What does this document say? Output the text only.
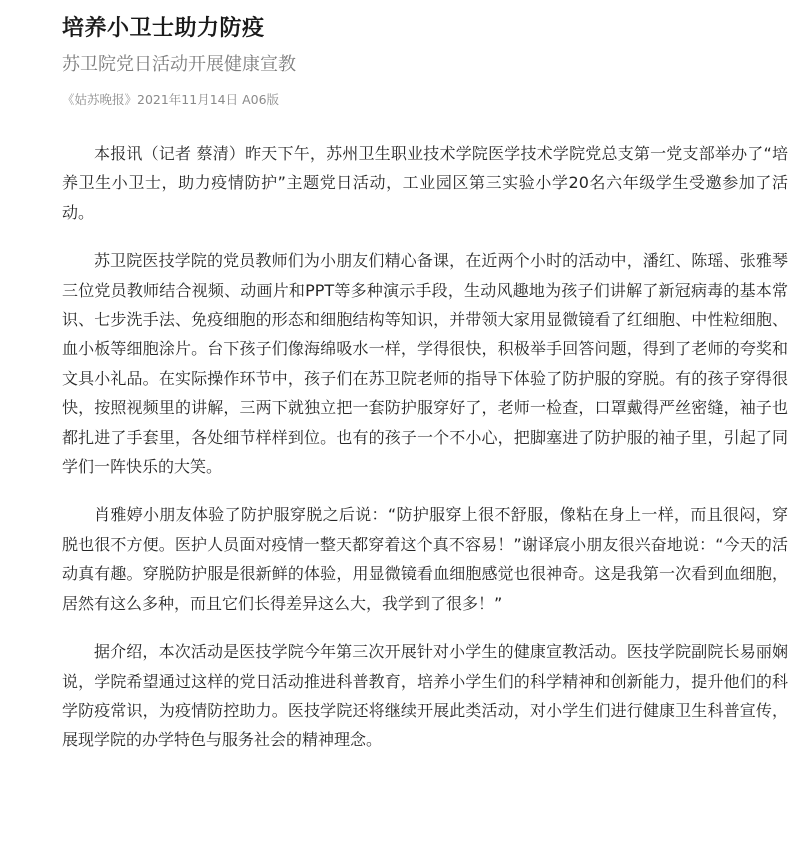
培养小卫士助力防疫
苏卫院党日活动开展健康宣教
《姑苏晚报》2021年11月14日 A06版

本报讯（记者 蔡清）昨天下午，苏州卫生职业技术学院医学技术学院党总支第一党支部举办了“培养卫生小卫士，助力疫情防护”主题党日活动，工业园区第三实验小学20名六年级学生受邀参加了活动。

苏卫院医技学院的党员教师们为小朋友们精心备课，在近两个小时的活动中，潘红、陈瑶、张雅琴三位党员教师结合视频、动画片和PPT等多种演示手段，生动风趣地为孩子们讲解了新冠病毒的基本常识、七步洗手法、免疫细胞的形态和细胞结构等知识，并带领大家用显微镜看了红细胞、中性粒细胞、血小板等细胞涂片。台下孩子们像海绵吸水一样，学得很快，积极举手回答问题，得到了老师的夸奖和文具小礼品。在实际操作环节中，孩子们在苏卫院老师的指导下体验了防护服的穿脱。有的孩子穿得很快，按照视频里的讲解，三两下就独立把一套防护服穿好了，老师一检查，口罩戴得严丝密缝，袖子也都扎进了手套里，各处细节样样到位。也有的孩子一个不小心，把脚塞进了防护服的袖子里，引起了同学们一阵快乐的大笑。

肖雅婷小朋友体验了防护服穿脱之后说：“防护服穿上很不舒服，像粘在身上一样，而且很闷，穿脱也很不方便。医护人员面对疫情一整天都穿着这个真不容易！”谢译宸小朋友很兴奋地说：“今天的活动真有趣。穿脱防护服是很新鲜的体验，用显微镜看血细胞感觉也很神奇。这是我第一次看到血细胞，居然有这么多种，而且它们长得差异这么大，我学到了很多！”

据介绍，本次活动是医技学院今年第三次开展针对小学生的健康宣教活动。医技学院副院长易丽娴说，学院希望通过这样的党日活动推进科普教育，培养小学生们的科学精神和创新能力，提升他们的科学防疫常识，为疫情防控助力。医技学院还将继续开展此类活动，对小学生们进行健康卫生科普宣传，展现学院的办学特色与服务社会的精神理念。
